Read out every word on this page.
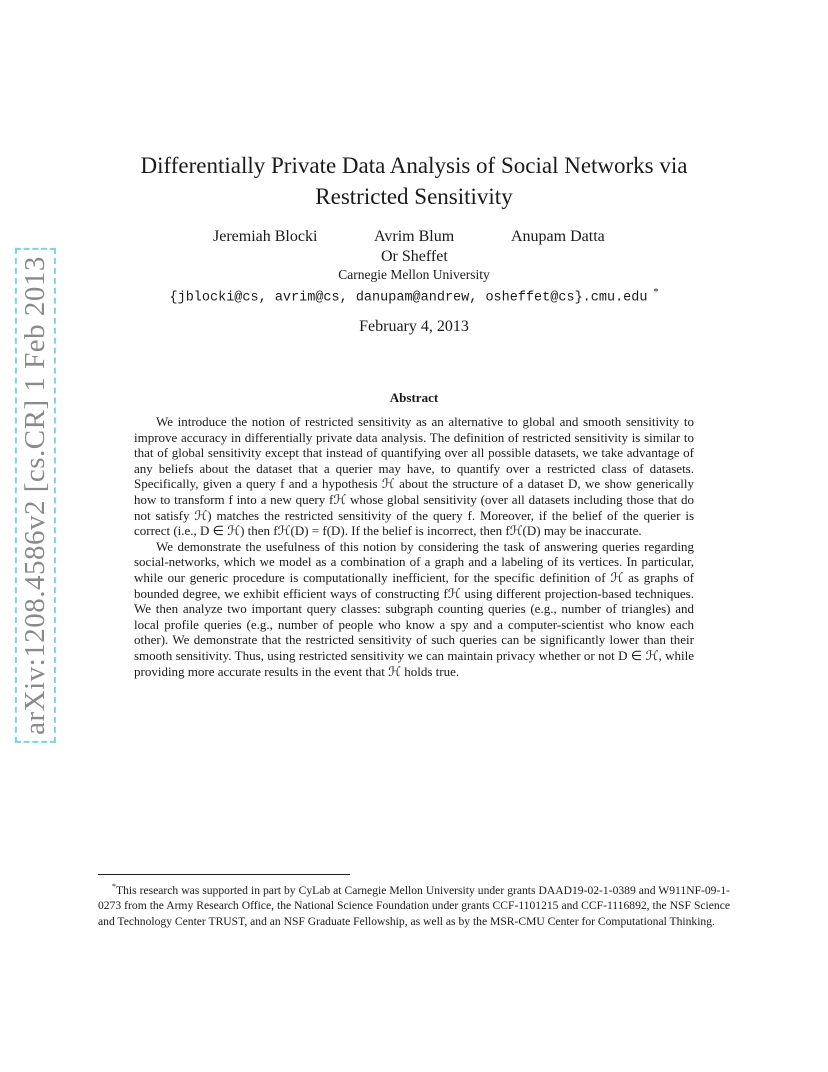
arXiv:1208.4586v2 [cs.CR] 1 Feb 2013
Differentially Private Data Analysis of Social Networks via Restricted Sensitivity
Jeremiah Blocki	Avrim Blum	Anupam Datta
Or Sheffet
Carnegie Mellon University
{jblocki@cs, avrim@cs, danupam@andrew, osheffet@cs}.cmu.edu *
February 4, 2013
Abstract

We introduce the notion of restricted sensitivity as an alternative to global and smooth sensitivity to improve accuracy in differentially private data analysis. The definition of restricted sensitivity is similar to that of global sensitivity except that instead of quantifying over all possible datasets, we take advantage of any beliefs about the dataset that a querier may have, to quantify over a restricted class of datasets. Specifically, given a query f and a hypothesis ℋ about the structure of a dataset D, we show generically how to transform f into a new query fℋ whose global sensitivity (over all datasets including those that do not satisfy ℋ) matches the restricted sensitivity of the query f. Moreover, if the belief of the querier is correct (i.e., D ∈ ℋ) then fℋ(D) = f(D). If the belief is incorrect, then fℋ(D) may be inaccurate.

We demonstrate the usefulness of this notion by considering the task of answering queries regarding social-networks, which we model as a combination of a graph and a labeling of its vertices. In particular, while our generic procedure is computationally inefficient, for the specific definition of ℋ as graphs of bounded degree, we exhibit efficient ways of constructing fℋ using different projection-based techniques. We then analyze two important query classes: subgraph counting queries (e.g., number of triangles) and local profile queries (e.g., number of people who know a spy and a computer-scientist who know each other). We demonstrate that the restricted sensitivity of such queries can be significantly lower than their smooth sensitivity. Thus, using restricted sensitivity we can maintain privacy whether or not D ∈ ℋ, while providing more accurate results in the event that ℋ holds true.

*This research was supported in part by CyLab at Carnegie Mellon University under grants DAAD19-02-1-0389 and W911NF-09-1-0273 from the Army Research Office, the National Science Foundation under grants CCF-1101215 and CCF-1116892, the NSF Science and Technology Center TRUST, and an NSF Graduate Fellowship, as well as by the MSR-CMU Center for Computational Thinking.
